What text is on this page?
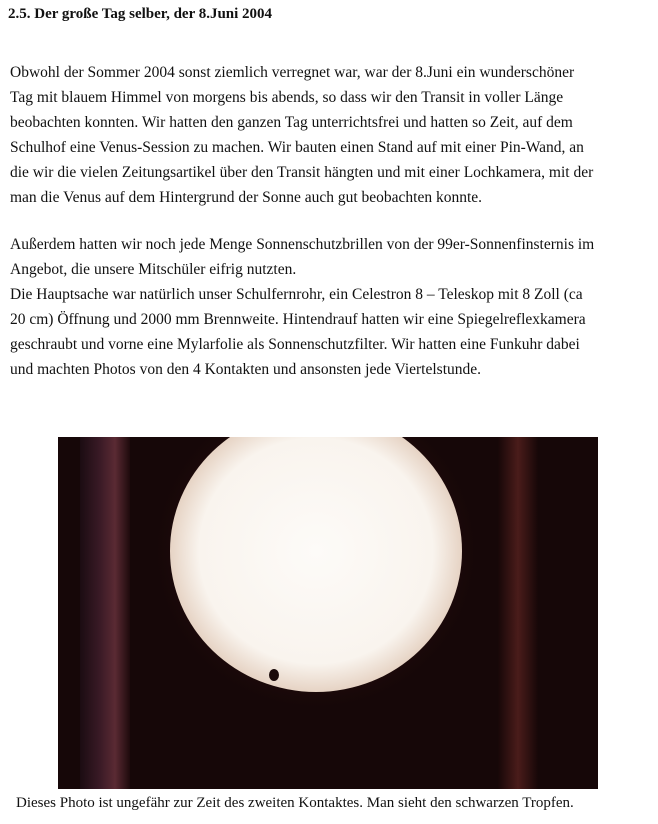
2.5. Der große Tag selber, der 8.Juni 2004

Obwohl der Sommer 2004 sonst ziemlich verregnet war, war der 8.Juni ein wunderschöner
Tag mit blauem Himmel von morgens bis abends, so dass wir den Transit in voller Länge
beobachten konnten. Wir hatten den ganzen Tag unterrichtsfrei und hatten so Zeit, auf dem
Schulhof eine Venus-Session zu machen. Wir bauten einen Stand auf mit einer Pin-Wand, an
die wir die vielen Zeitungsartikel über den Transit hängten und mit einer Lochkamera, mit der
man die Venus auf dem Hintergrund der Sonne auch gut beobachten konnte.

Außerdem hatten wir noch jede Menge Sonnenschutzbrillen von der 99er-Sonnenfinsternis im
Angebot, die unsere Mitschüler eifrig nutzten.

Die Hauptsache war natürlich unser Schulfernrohr, ein Celestron 8 – Teleskop mit 8 Zoll (ca
20 cm) Öffnung und 2000 mm Brennweite. Hintendrauf hatten wir eine Spiegelreflexkamera
geschraubt und vorne eine Mylarfolie als Sonnenschutzfilter. Wir hatten eine Funkuhr dabei
und machten Photos von den 4 Kontakten und ansonsten jede Viertelstunde.

Dieses Photo ist ungefähr zur Zeit des zweiten Kontaktes. Man sieht den schwarzen Tropfen.
